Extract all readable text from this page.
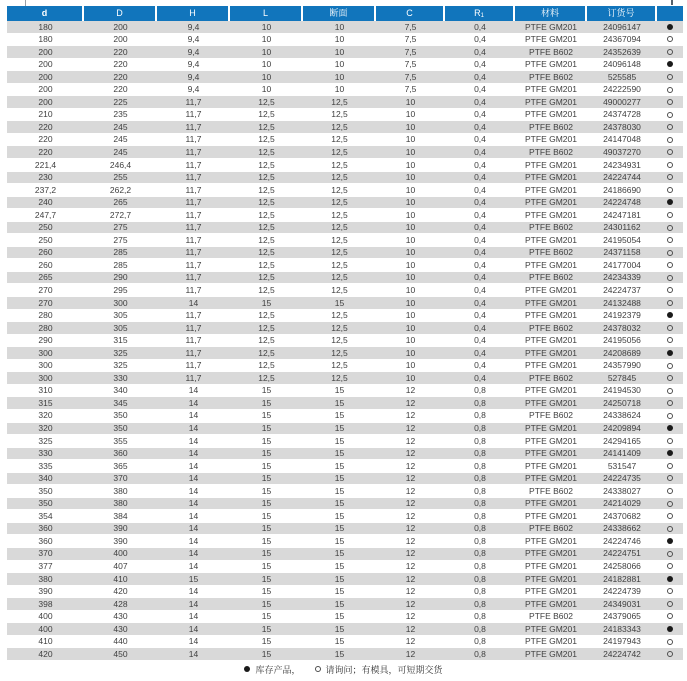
d	D	H	L	断面	C	$R_1$	材料	订货号
180	200	9,4	10	10	7,5	0,4	PTFE GM201	24096147
180	200	9,4	10	10	7,5	0,4	PTFE GM201	24367094
200	220	9,4	10	10	7,5	0,4	PTFE B602	24352639
200	220	9,4	10	10	7,5	0,4	PTFE GM201	24096148
200	220	9,4	10	10	7,5	0,4	PTFE B602	525585
200	220	9,4	10	10	7,5	0,4	PTFE GM201	24222590
200	225	11,7	12,5	12,5	10	0,4	PTFE GM201	49000277
210	235	11,7	12,5	12,5	10	0,4	PTFE GM201	24374728
220	245	11,7	12,5	12,5	10	0,4	PTFE B602	24378030
220	245	11,7	12,5	12,5	10	0,4	PTFE GM201	24147048
220	245	11,7	12,5	12,5	10	0,4	PTFE B602	49037270
221,4	246,4	11,7	12,5	12,5	10	0,4	PTFE GM201	24234931
230	255	11,7	12,5	12,5	10	0,4	PTFE GM201	24224744
237,2	262,2	11,7	12,5	12,5	10	0,4	PTFE GM201	24186690
240	265	11,7	12,5	12,5	10	0,4	PTFE GM201	24224748
247,7	272,7	11,7	12,5	12,5	10	0,4	PTFE GM201	24247181
250	275	11,7	12,5	12,5	10	0,4	PTFE B602	24301162
250	275	11,7	12,5	12,5	10	0,4	PTFE GM201	24195054
260	285	11,7	12,5	12,5	10	0,4	PTFE B602	24371158
260	285	11,7	12,5	12,5	10	0,4	PTFE GM201	24177004
265	290	11,7	12,5	12,5	10	0,4	PTFE B602	24234339
270	295	11,7	12,5	12,5	10	0,4	PTFE GM201	24224737
270	300	14	15	15	10	0,4	PTFE GM201	24132488
280	305	11,7	12,5	12,5	10	0,4	PTFE GM201	24192379
280	305	11,7	12,5	12,5	10	0,4	PTFE B602	24378032
290	315	11,7	12,5	12,5	10	0,4	PTFE GM201	24195056
300	325	11,7	12,5	12,5	10	0,4	PTFE GM201	24208689
300	325	11,7	12,5	12,5	10	0,4	PTFE GM201	24357990
300	330	11,7	12,5	12,5	10	0,4	PTFE B602	527845
310	340	14	15	15	12	0,8	PTFE GM201	24194530
315	345	14	15	15	12	0,8	PTFE GM201	24250718
320	350	14	15	15	12	0,8	PTFE B602	24338624
320	350	14	15	15	12	0,8	PTFE GM201	24209894
325	355	14	15	15	12	0,8	PTFE GM201	24294165
330	360	14	15	15	12	0,8	PTFE GM201	24141409
335	365	14	15	15	12	0,8	PTFE GM201	531547
340	370	14	15	15	12	0,8	PTFE GM201	24224735
350	380	14	15	15	12	0,8	PTFE B602	24338027
350	380	14	15	15	12	0,8	PTFE GM201	24214029
354	384	14	15	15	12	0,8	PTFE GM201	24370682
360	390	14	15	15	12	0,8	PTFE B602	24338662
360	390	14	15	15	12	0,8	PTFE GM201	24224746
370	400	14	15	15	12	0,8	PTFE GM201	24224751
377	407	14	15	15	12	0,8	PTFE GM201	24258066
380	410	15	15	15	12	0,8	PTFE GM201	24182881
390	420	14	15	15	12	0,8	PTFE GM201	24224739
398	428	14	15	15	12	0,8	PTFE GM201	24349031
400	430	14	15	15	12	0,8	PTFE B602	24379065
400	430	14	15	15	12	0,8	PTFE GM201	24183343
410	440	14	15	15	12	0,8	PTFE GM201	24197943
420	450	14	15	15	12	0,8	PTFE GM201	24224742
库存产品，	请询问；有模具，可短期交货
